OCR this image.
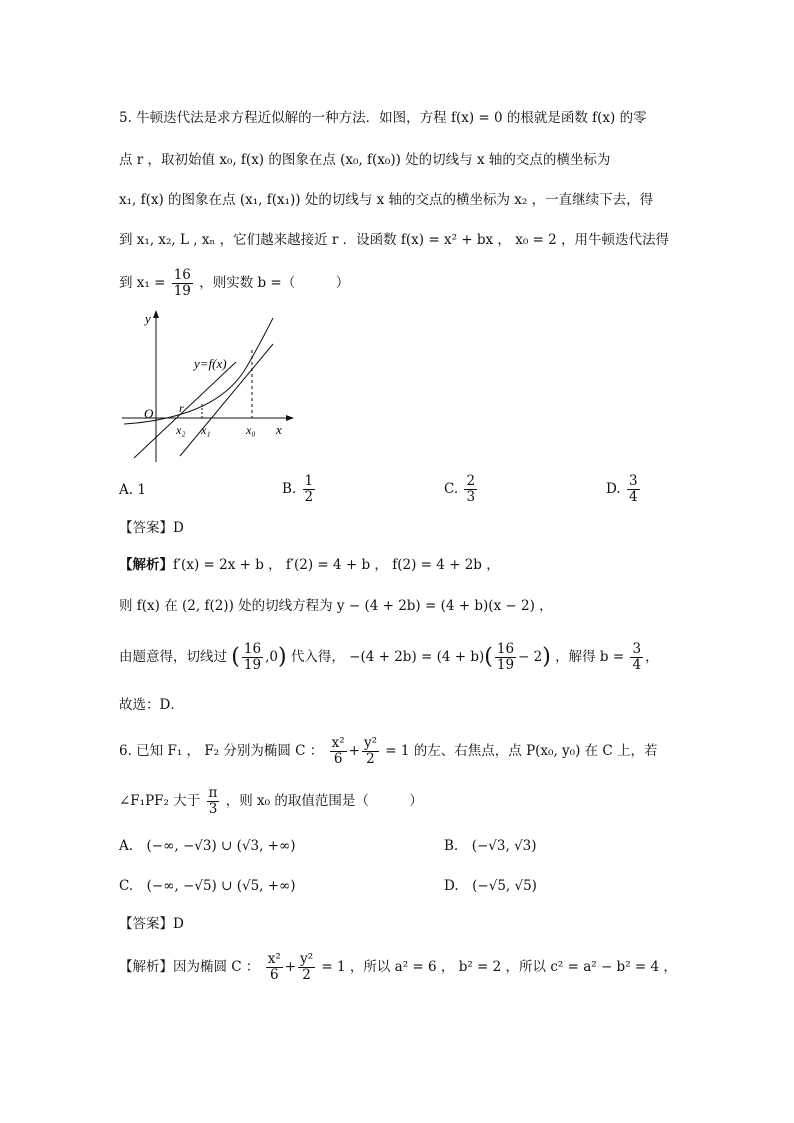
5. 牛顿迭代法是求方程近似解的一种方法．如图，方程 f(x) = 0 的根就是函数 f(x) 的零
点 r ，取初始值 x₀, f(x) 的图象在点 (x₀, f(x₀)) 处的切线与 x 轴的交点的横坐标为
x₁, f(x) 的图象在点 (x₁, f(x₁)) 处的切线与 x 轴的交点的横坐标为 x₂ ，一直继续下去，得
到 x₁, x₂, L , xₙ ，它们越来越接近 r ．设函数 f(x) = x² + bx ， x₀ = 2 ，用牛顿迭代法得
到 $x_1 = \frac{16}{19}$ ，则实数 b =（　　　）
y
x
O
y=f(x)
r
x₂ x₁	x₀
A. 1	B. $\frac{1}{2}$	C. $\frac{2}{3}$	D. $\frac{3}{4}$
【答案】D
【解析】f′(x) = 2x + b ， f′(2) = 4 + b ， f(2) = 4 + 2b ，
则 f(x) 在 (2, f(2)) 处的切线方程为 y − (4 + 2b) = (4 + b)(x − 2) ，
由题意得，切线过 ( $\frac{16}{19} ,0$) 代入得， $-(4 + 2b) = (4 + b)( \frac{16}{19} - 2)$ ，解得 $b = \frac{3}{4}$ ，
故选：D．
6. 已知 F₁ ， F₂ 分别为椭圆 C ： $\frac{\text{x²}}{6} + \frac{\text{y²}}{2} = 1$ 的左、右焦点，点 P(x₀, y₀) 在 C 上，若
∠F₁PF₂ 大于 $\frac{\pi}{3}$ ，则 x₀ 的取值范围是（　　　）
A.　(−∞, −√3) ∪ (√3, +∞)	B.　(−√3, √3)
C.　(−∞, −√5) ∪ (√5, +∞)	D.　(−√5, √5)
【答案】D
【解析】因为椭圆 C ： $\frac{\text{x²}}{6} + \frac{\text{y²}}{2} = 1$ ，所以 a² = 6 ， b² = 2 ，所以 c² = a² − b² = 4 ，
